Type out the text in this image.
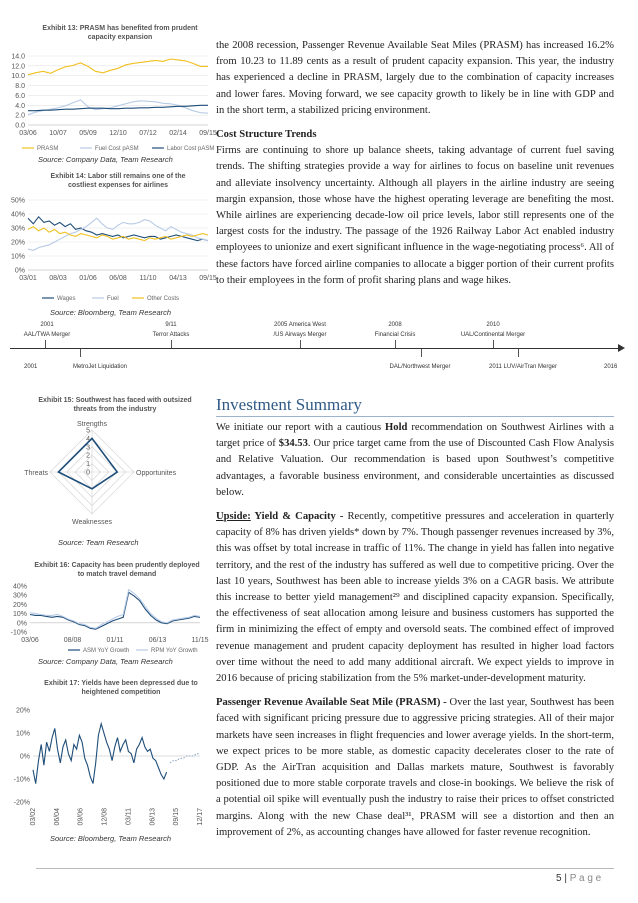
Exhibit 13: PRASM has benefited from prudent capacity expansion
14.0
12.0
10.0
8.0
6.0
4.0
2.0
0.0
03/06 10/07 05/09 12/10 07/12 02/14 09/15
PRASM	Fuel Cost pASM	Labor Cost pASM
Source: Company Data, Team Research
Exhibit 14: Labor still remains one of the costliest expenses for airlines
50%
40%
30%
20%
10%
0%
03/01 08/03 01/06 06/08 11/10 04/13 09/15
Wages	Fuel	Other Costs
Source: Bloomberg, Team Research

the 2008 recession, Passenger Revenue Available Seat Miles (PRASM) has increased 16.2% from 10.23 to 11.89 cents as a result of prudent capacity expansion. This year, the industry has experienced a decline in PRASM, largely due to the combination of capacity increases and lower fares. Moving forward, we see capacity growth to likely be in line with GDP and in the short term, a stabilized pricing environment.

Cost Structure Trends

Firms are continuing to shore up balance sheets, taking advantage of current fuel saving trends. The shifting strategies provide a way for airlines to focus on baseline unit revenues and alleviate insolvency uncertainty. Although all players in the airline industry are seeing margin expansion, those whose have the highest operating leverage are benefiting the most. While airlines are experiencing decade-low oil price levels, labor still represents one of the largest costs for the industry. The passage of the 1926 Railway Labor Act enabled industry employees to unionize and exert significant influence in the wage-negotiating process⁶. All of these factors have forced airline companies to allocate a bigger portion of their current profits to their employees in the form of profit sharing plans and wage hikes.

2001
AAL/TWA Merger
9/11
Terror Attacks
2005 America West
/US Airways Merger
2008
Financial Crisis
2010
UAL/Continental Merger
2001	MetroJet Liquidation	DAL/Northwest Merger	2011 LUV/AirTran Merger	2016
Exhibit 15: Southwest has faced with outsized threats from the industry
5
4
3
2
1
0
Strengths
Opportunites
Weaknesses
Threats
Source: Team Research
Exhibit 16: Capacity has been prudently deployed to match travel demand
40%
30%
20%
10%
0%
-10%
03/06	08/08	01/11	06/13	11/15
ASM YoY Growth	RPM YoY Growth
Source: Company Data, Team Research
Exhibit 17: Yields have been depressed due to heightened competition
20%
10%
0%
-10%
-20%
03/02 06/04 09/06 12/08 03/11 06/13 09/15 12/17
Source: Bloomberg, Team Research
Investment Summary

We initiate our report with a cautious Hold recommendation on Southwest Airlines with a target price of $34.53. Our price target came from the use of Discounted Cash Flow Analysis and Relative Valuation. Our recommendation is based upon Southwest’s competitive advantages, a favorable business environment, and considerable uncertainties as discussed below.

Upside: Yield & Capacity - Recently, competitive pressures and acceleration in quarterly capacity of 8% has driven yields* down by 7%. Though passenger revenues increased by 3%, this was offset by total increase in traffic of 11%. The change in yield has fallen into negative territory, and the rest of the industry has suffered as well due to competitive pricing. Over the last 10 years, Southwest has been able to increase yields 3% on a CAGR basis. We attribute this increase to better yield management²⁹ and disciplined capacity expansion. Specifically, the effectiveness of seat allocation among leisure and business customers has supported the firm in minimizing the effect of empty and oversold seats. The combined effect of improved revenue management and prudent capacity deployment has resulted in higher load factors over time without the need to add many additional aircraft. We expect yields to improve in 2016 because of pricing stabilization from the 5% market-under-development maturity.

Passenger Revenue Available Seat Mile (PRASM) - Over the last year, Southwest has been faced with significant pricing pressure due to aggressive pricing strategies. All of their major markets have seen increases in flight frequencies and lower average yields. In the short-term, we expect prices to be more stable, as domestic capacity decelerates closer to the rate of GDP. As the AirTran acquisition and Dallas markets mature, Southwest is favorably positioned due to more stable corporate travels and close-in bookings. We believe the risk of a potential oil spike will eventually push the industry to raise their prices to offset constricted margins. Along with the new Chase deal³¹, PRASM will see a distortion and then an improvement of 2%, as accounting changes have allowed for faster revenue recognition.

5 | P a g e
